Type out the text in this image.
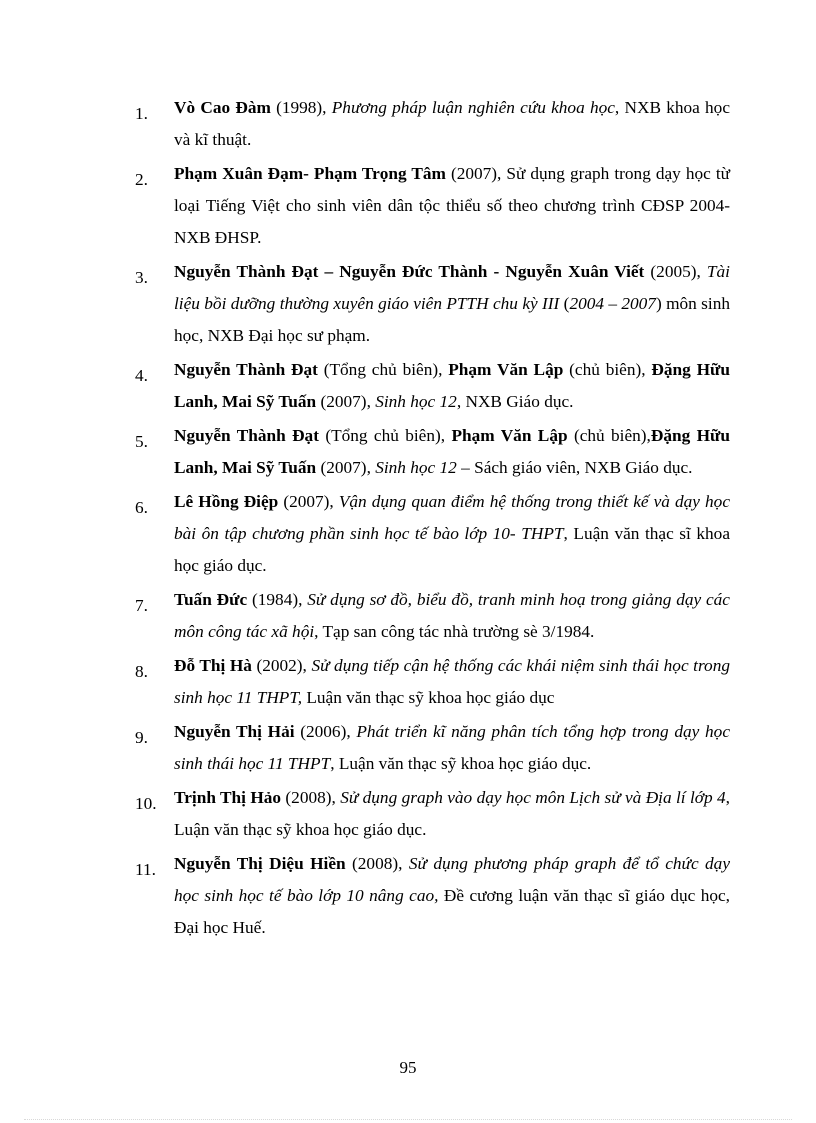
1. Vò Cao Đàm (1998), Phương pháp luận nghiên cứu khoa học, NXB khoa học và kĩ thuật.
2. Phạm Xuân Đạm- Phạm Trọng Tâm (2007), Sử dụng graph trong dạy học từ loại Tiếng Việt cho sinh viên dân tộc thiểu số theo chương trình CĐSP 2004- NXB ĐHSP.
3. Nguyễn Thành Đạt – Nguyễn Đức Thành - Nguyễn Xuân Viết (2005), Tài liệu bồi dưỡng thường xuyên giáo viên PTTH chu kỳ III (2004 – 2007) môn sinh học, NXB Đại học sư phạm.
4. Nguyễn Thành Đạt (Tổng chủ biên), Phạm Văn Lập (chủ biên), Đặng Hữu Lanh, Mai Sỹ Tuấn (2007), Sinh học 12, NXB Giáo dục.
5. Nguyễn Thành Đạt (Tổng chủ biên), Phạm Văn Lập (chủ biên),Đặng Hữu Lanh, Mai Sỹ Tuấn (2007), Sinh học 12 – Sách giáo viên, NXB Giáo dục.
6. Lê Hồng Điệp (2007), Vận dụng quan điểm hệ thống trong thiết kế và dạy học bài ôn tập chương phần sinh học tế bào lớp 10- THPT, Luận văn thạc sĩ khoa học giáo dục.
7. Tuấn Đức (1984), Sử dụng sơ đồ, biểu đồ, tranh minh hoạ trong giảng dạy các môn công tác xã hội, Tạp san công tác nhà trường sè 3/1984.
8. Đỗ Thị Hà (2002), Sử dụng tiếp cận hệ thống các khái niệm sinh thái học trong sinh học 11 THPT, Luận văn thạc sỹ khoa học giáo dục
9. Nguyễn Thị Hải (2006), Phát triển kĩ năng phân tích tổng hợp trong dạy học sinh thái học 11 THPT, Luận văn thạc sỹ khoa học giáo dục.
10. Trịnh Thị Hảo (2008), Sử dụng graph vào dạy học môn Lịch sử và Địa lí lớp 4, Luận văn thạc sỹ khoa học giáo dục.
11. Nguyễn Thị Diệu Hiền (2008), Sử dụng phương pháp graph để tổ chức dạy học sinh học tế bào lớp 10 nâng cao, Đề cương luận văn thạc sĩ giáo dục học, Đại học Huế.
95
